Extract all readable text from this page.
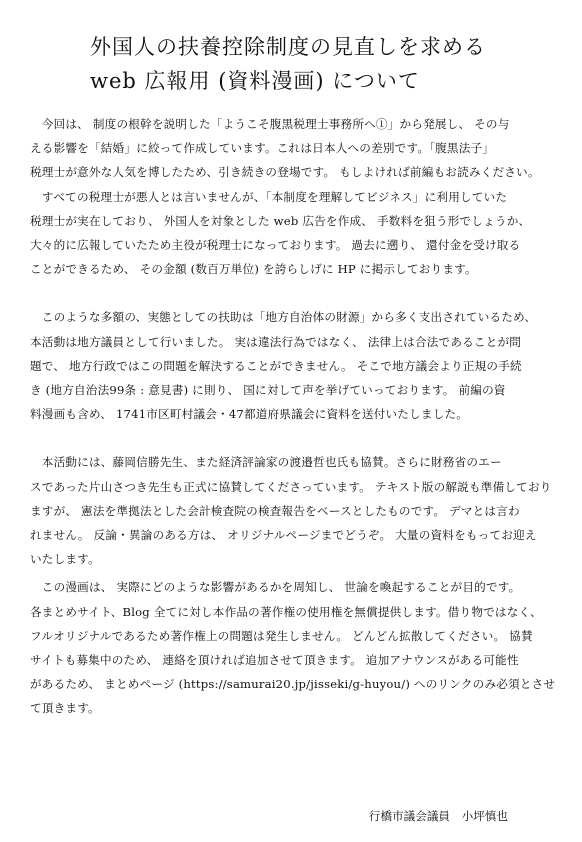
外国人の扶養控除制度の見直しを求める
web 広報用 (資料漫画) について
　今回は、 制度の根幹を説明した「ようこそ腹黒税理士事務所へ①」から発展し、 その与
える影響を「結婚」に絞って作成しています。これは日本人への差別です。「腹黒法子」
税理士が意外な人気を博したため、引き続きの登場です。 もしよければ前編もお読みください。
　すべての税理士が悪人とは言いませんが、「本制度を理解してビジネス」に利用していた
税理士が実在しており、 外国人を対象とした web 広告を作成、 手数料を狙う形でしょうか、
大々的に広報していたため主役が税理士になっております。 過去に遡り、 還付金を受け取る
ことができるため、 その金額 (数百万単位) を誇らしげに HP に掲示しております。
　このような多額の、実態としての扶助は「地方自治体の財源」から多く支出されているため、
本活動は地方議員として行いました。 実は違法行為ではなく、 法律上は合法であることが問
題で、 地方行政ではこの問題を解決することができません。 そこで地方議会より正規の手続
き (地方自治法99条 : 意見書) に則り、 国に対して声を挙げていっております。 前編の資
料漫画も含め、 1741市区町村議会・47都道府県議会に資料を送付いたしました。
　本活動には、藤岡信勝先生、また経済評論家の渡邉哲也氏も協賛。さらに財務省のエー
スであった片山さつき先生も正式に協賛してくださっています。 テキスト版の解説も準備しており
ますが、 憲法を準拠法とした会計検査院の検査報告をベースとしたものです。 デマとは言わ
れません。 反論・異論のある方は、 オリジナルページまでどうぞ。 大量の資料をもってお迎え
いたします。
　この漫画は、 実際にどのような影響があるかを周知し、 世論を喚起することが目的です。
各まとめサイト、Blog 全てに対し本作品の著作権の使用権を無償提供します。借り物ではなく、
フルオリジナルであるため著作権上の問題は発生しません。 どんどん拡散してください。 協賛
サイトも募集中のため、 連絡を頂ければ追加させて頂きます。 追加アナウンスがある可能性
があるため、 まとめページ (https://samurai20.jp/jisseki/g-huyou/) へのリンクのみ必須とさせ
て頂きます。
行橋市議会議員　小坪慎也
